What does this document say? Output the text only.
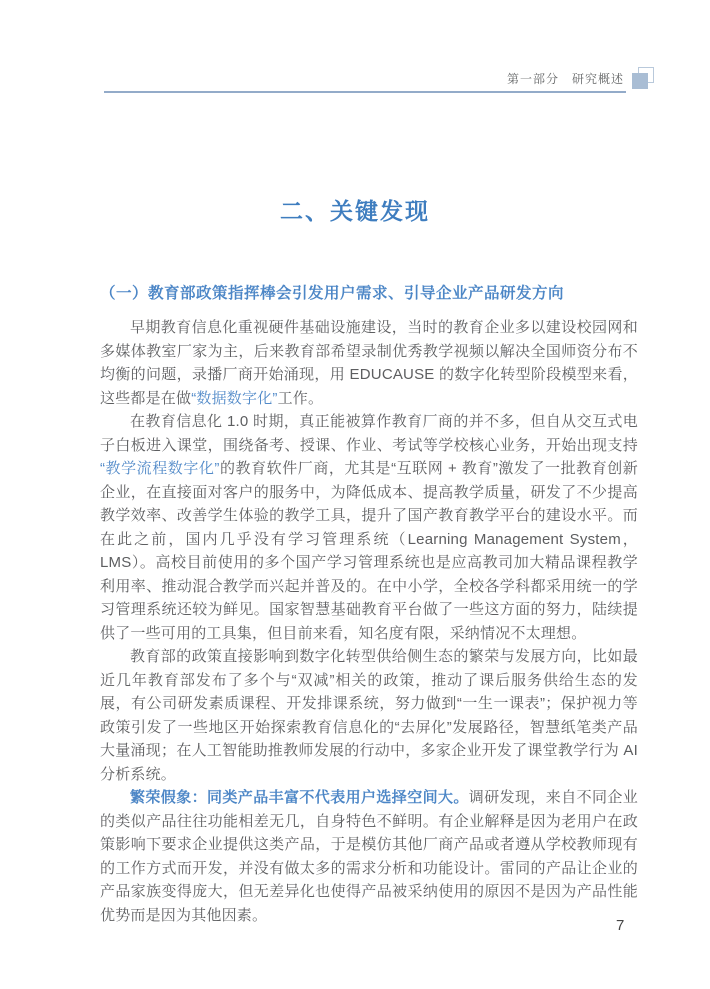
第一部分　研究概述
二、关键发现
（一）教育部政策指挥棒会引发用户需求、引导企业产品研发方向

早期教育信息化重视硬件基础设施建设，当时的教育企业多以建设校园网和多媒体教室厂家为主，后来教育部希望录制优秀教学视频以解决全国师资分布不均衡的问题，录播厂商开始涌现，用 EDUCAUSE 的数字化转型阶段模型来看，这些都是在做“数据数字化”工作。

在教育信息化 1.0 时期，真正能被算作教育厂商的并不多，但自从交互式电子白板进入课堂，围绕备考、授课、作业、考试等学校核心业务，开始出现支持“教学流程数字化”的教育软件厂商，尤其是“互联网 + 教育”激发了一批教育创新企业，在直接面对客户的服务中，为降低成本、提高教学质量，研发了不少提高教学效率、改善学生体验的教学工具，提升了国产教育教学平台的建设水平。而在此之前，国内几乎没有学习管理系统（Learning Management System，LMS）。高校目前使用的多个国产学习管理系统也是应高教司加大精品课程教学利用率、推动混合教学而兴起并普及的。在中小学，全校各学科都采用统一的学习管理系统还较为鲜见。国家智慧基础教育平台做了一些这方面的努力，陆续提供了一些可用的工具集，但目前来看，知名度有限，采纳情况不太理想。

教育部的政策直接影响到数字化转型供给侧生态的繁荣与发展方向，比如最近几年教育部发布了多个与“双减”相关的政策，推动了课后服务供给生态的发展，有公司研发素质课程、开发排课系统，努力做到“一生一课表”；保护视力等政策引发了一些地区开始探索教育信息化的“去屏化”发展路径，智慧纸笔类产品大量涌现；在人工智能助推教师发展的行动中，多家企业开发了课堂教学行为 AI 分析系统。

繁荣假象：同类产品丰富不代表用户选择空间大。调研发现，来自不同企业的类似产品往往功能相差无几，自身特色不鲜明。有企业解释是因为老用户在政策影响下要求企业提供这类产品，于是模仿其他厂商产品或者遵从学校教师现有的工作方式而开发，并没有做太多的需求分析和功能设计。雷同的产品让企业的产品家族变得庞大，但无差异化也使得产品被采纳使用的原因不是因为产品性能优势而是因为其他因素。

7
